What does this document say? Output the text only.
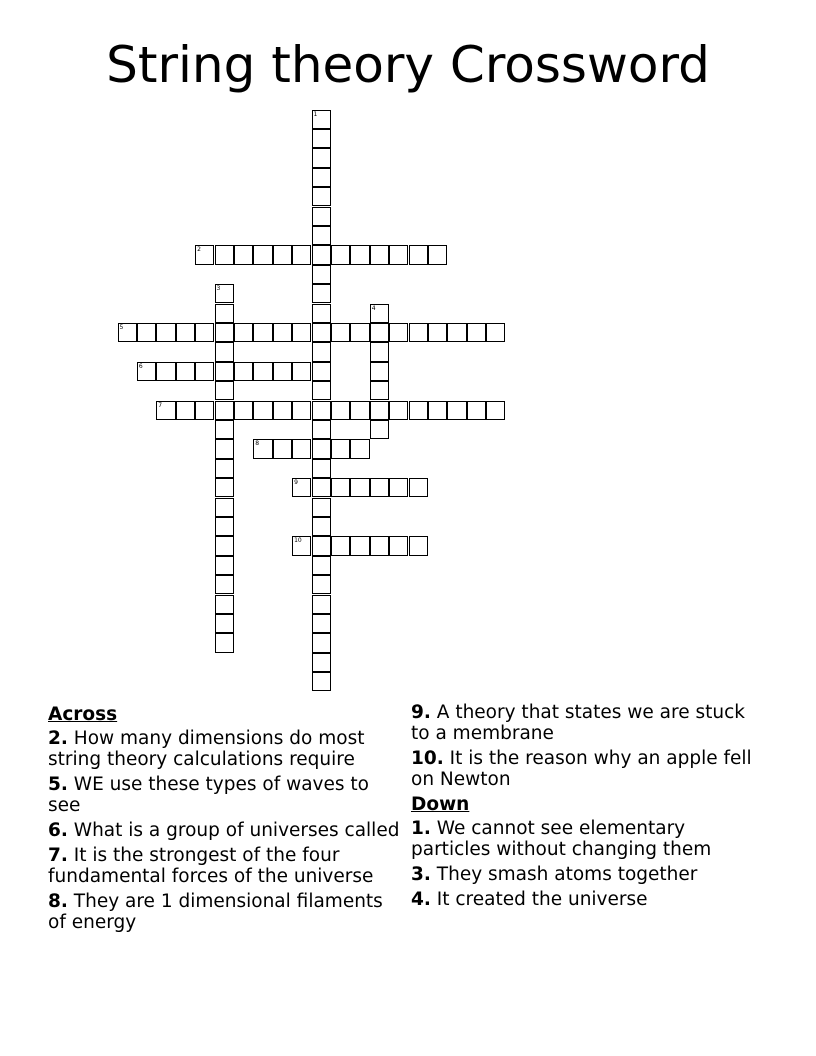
String theory Crossword
1
2
3
4
5
6
7
8
9
10
Across
2. How many dimensions do most string theory calculations require
5. WE use these types of waves to see
6. What is a group of universes called
7. It is the strongest of the four fundamental forces of the universe
8. They are 1 dimensional filaments of energy
9. A theory that states we are stuck to a membrane
10. It is the reason why an apple fell on Newton
Down
1. We cannot see elementary particles without changing them
3. They smash atoms together
4. It created the universe
